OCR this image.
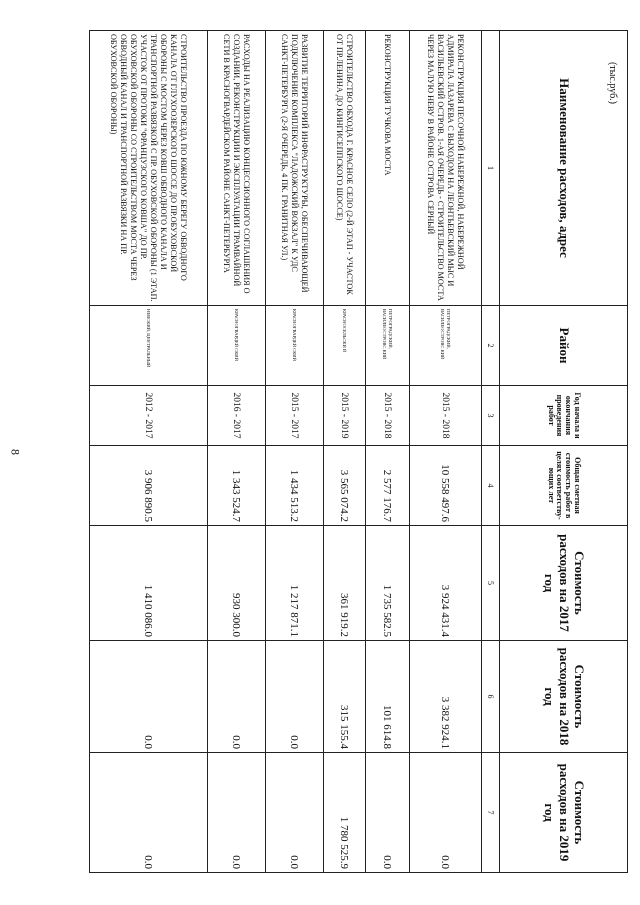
8
(тыс.руб.)
Наименование расходов, адрес	Район	Год начала и окончания проведения работ	Общая сметная стоимость работ в целях соответству-ющих лет	Стоимость расходов на 2017 год	Стоимость расходов на 2018 год	Стоимость расходов на 2019 год
1	2	3	4	5	6	7
РЕКОНСТРУКЦИЯ ПЕСОЧНОЙ НАБЕРЕЖНОЙ, НАБЕРЕЖНОЙ АДМИРАЛА ЛАЗАРЕВА С ВЫХОДОМ НА ЛЕОНТЬЕВСКИЙ МЫС И ВАСИЛЬЕВСКИЙ ОСТРОВ. 1-АЯ ОЧЕРЕДЬ - СТРОИТЕЛЬСТВО МОСТА ЧЕРЕЗ МАЛУЮ НЕВУ В РАЙОНЕ ОСТРОВА СЕРНЫЙ	ПЕТРОГРАДСКИЙ, ВАСИЛЕОСТРОВС КИЙ	2015 - 2018	10 558 497.6	3 924 431.4	3 382 924.1	0.0
РЕКОНСТРУКЦИЯ ТУЧКОВА МОСТА	ПЕТРОГРАДСКИЙ, ВАСИЛЕОСТРОВС КИЙ	2015 - 2018	2 577 176.7	1 735 582.5	101 614.8	0.0
СТРОИТЕЛЬСТВО ОБХОДА Г. КРАСНОЕ СЕЛО (2-Й ЭТАП - УЧАСТОК ОТ ПР.ЛЕНИНА ДО КИНГИСЕППСКОГО ШОССЕ)	КРАСНОСЕЛЬСКИ Й	2015 - 2019	3 565 074.2	361 919.2	315 155.4	1 780 525.9
РАЗВИТИЕ ТЕРРИТОРИЙ ИНФРАСТРУКТУРЫ, ОБЕСПЕЧИВАЮЩЕЙ ПОДКЛЮЧЕНИЕ КОМПЛЕКСА "ЛАДОЖСКИЙ ВОКЗАЛ" К УДС САНКТ-ПЕТЕРБУРГА (2-Я ОЧЕРЕДЬ, 4 ПК. ГРАНИТНАЯ УЛ.)	КРАСНОГВАРДЕЙ СКИЙ	2015 - 2017	1 434 513.2	1 217 871.1	0.0	0.0
РАСХОДЫ НА РЕАЛИЗАЦИЮ КОНЦЕССИОННОГО СОГЛАШЕНИЯ О СОЗДАНИИ, РЕКОНСТРУКЦИИ И ЭКСПЛУАТАЦИИ ТРАМВАЙНОЙ СЕТИ В КРАСНОГВАРДЕЙСКОМ РАЙОНЕ САНКТ-ПЕТЕРБУРГА	КРАСНОГВАРДЕЙ СКИЙ	2016 - 2017	1 343 524.7	930 300.0	0.0	0.0
СТРОИТЕЛЬСТВО ПРОЕЗДА ПО ЮЖНОМУ БЕРЕГУ ОБВОДНОГО КАНАЛА ОТ ГЛУХООЗЕРСКОГО ШОССЕ ДО ПР.ОБУХОВСКОЙ ОБОРОНЫ С МОСТОМ ЧЕРЕЗ КОВШ ОБВОДНОГО КАНАЛА И ТРАНСПОРТНОЙ РАЗВЯЗКОЙ С ПР. ОБУХОВСКОЙ ОБОРОНЫ (1 ЭТАП. УЧАСТОК ОТ ПРОТОКИ "ФРАНЦУЗСКОГО КОВША" ДО ПР. ОБУХОВСКОЙ ОБОРОНЫ СО СТРОИТЕЛЬСТВОМ МОСТА ЧЕРЕЗ ОБВОДНЫЙ КАНАЛ И ТРАНСПОРТНОЙ РАЗВЯЗКИ НА ПР. ОБУХОВСКОЙ ОБОРОНЫ)	НЕВСКИЙ, ЦЕНТРАЛЬНЫЙ	2012 - 2017	3 906 890.5	1 410 086.0	0.0	0.0
